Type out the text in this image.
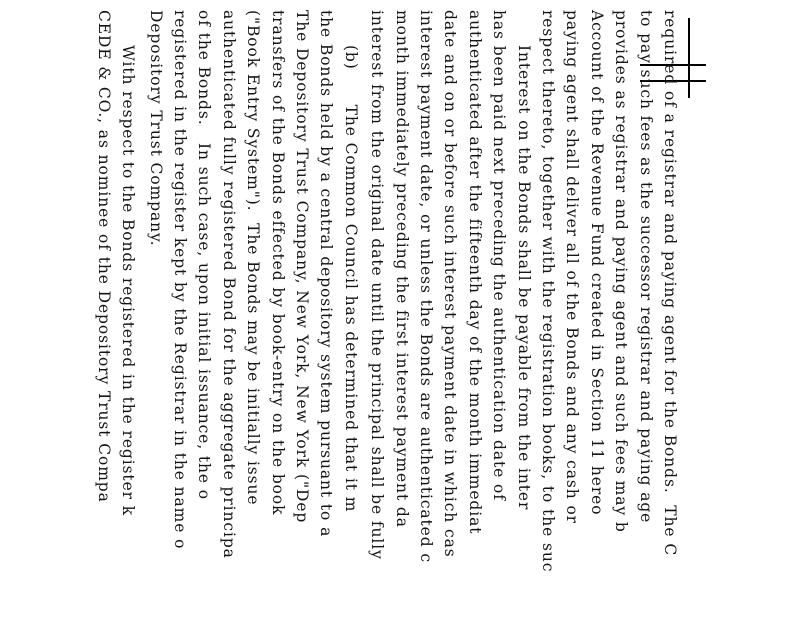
required of a registrar and paying agent for the Bonds.  The C
to pay such fees as the successor registrar and paying age
provides as registrar and paying agent and such fees may b
Account of the Revenue Fund created in Section 11 hereo
paying agent shall deliver all of the Bonds and any cash or
respect thereto, together with the registration books, to the suc
Interest on the Bonds shall be payable from the inter
has been paid next preceding the authentication date of
authenticated after the fifteenth day of the month immediat
date and on or before such interest payment date in which cas
interest payment date, or unless the Bonds are authenticated c
month immediately preceding the first interest payment da
interest from the original date until the principal shall be fully
(b)      The Common Council has determined that it m
the Bonds held by a central depository system pursuant to a
The Depository Trust Company, New York, New York ("Dep
transfers of the Bonds effected by book-entry on the book
("Book Entry System").  The Bonds may be initially issue
authenticated fully registered Bond for the aggregate principa
of the Bonds.   In such case, upon initial issuance, the o
registered in the register kept by the Registrar in the name o
Depository Trust Company.
With respect to the Bonds registered in the register k
CEDE & CO., as nominee of the Depository Trust Compa
